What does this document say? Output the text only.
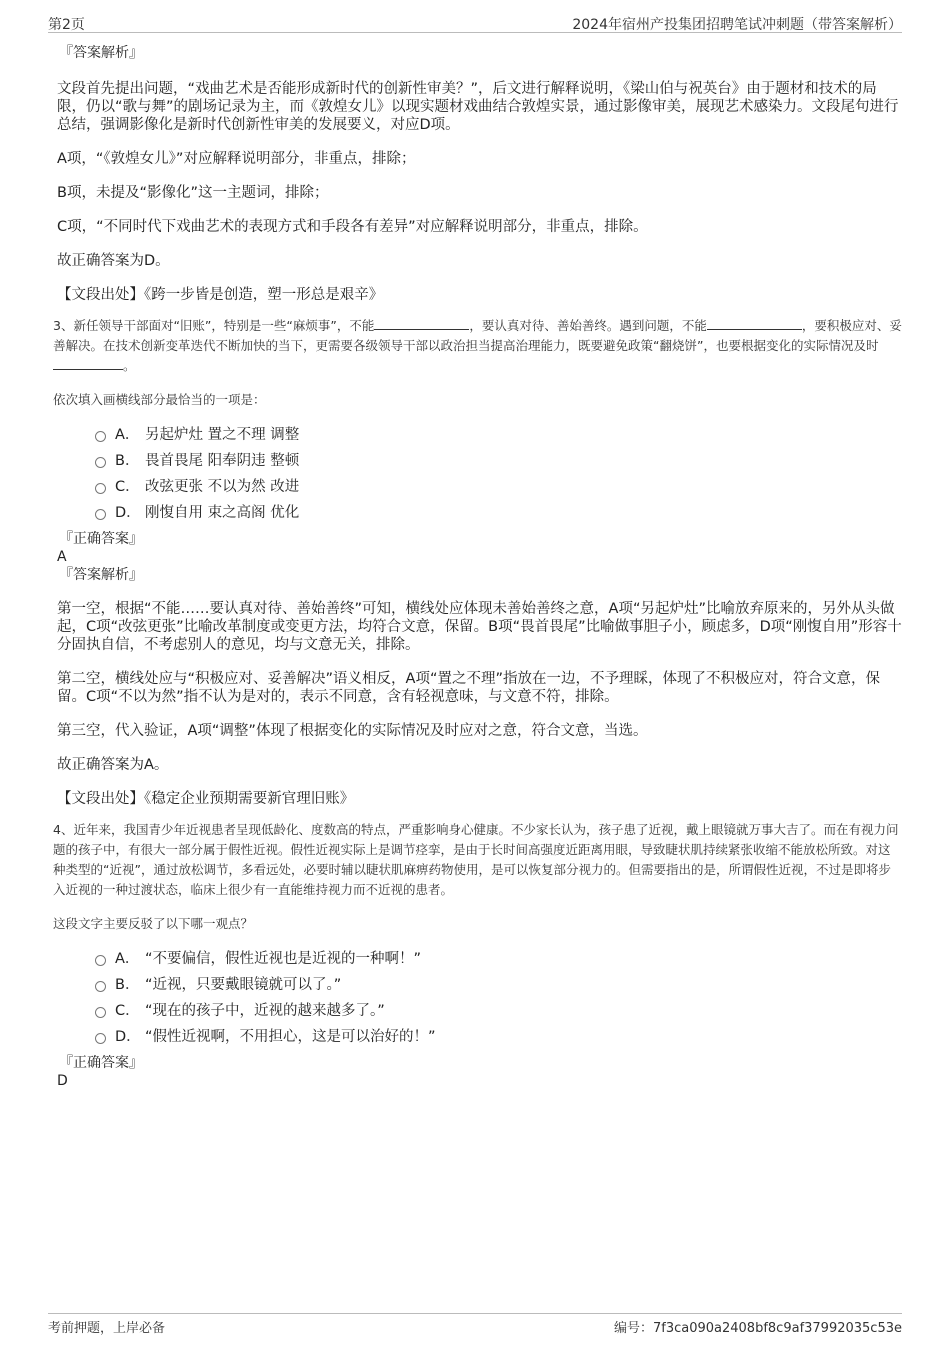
第2页	2024年宿州产投集团招聘笔试冲刺题（带答案解析）

『答案解析』

文段首先提出问题，“戏曲艺术是否能形成新时代的创新性审美？”，后文进行解释说明，《梁山伯与祝英台》由于题材和技术的局限，仍以“歌与舞”的剧场记录为主，而《敦煌女儿》以现实题材戏曲结合敦煌实景，通过影像审美，展现艺术感染力。文段尾句进行总结，强调影像化是新时代创新性审美的发展要义，对应D项。

A项，“《敦煌女儿》”对应解释说明部分，非重点，排除；

B项，未提及“影像化”这一主题词，排除；

C项，“不同时代下戏曲艺术的表现方式和手段各有差异”对应解释说明部分，非重点，排除。

故正确答案为D。

【文段出处】《跨一步皆是创造，塑一形总是艰辛》

3、新任领导干部面对“旧账”，特别是一些“麻烦事”，不能	，要认真对待、善始善终。遇到问题，不能	，要积极应对、妥善解决。在技术创新变革迭代不断加快的当下，更需要各级领导干部以政治担当提高治理能力，既要避免政策“翻烧饼”，也要根据变化的实际情况及时。

依次填入画横线部分最恰当的一项是：

A． 另起炉灶 置之不理 调整
B． 畏首畏尾 阳奉阴违 整顿
C． 改弦更张 不以为然 改进
D． 刚愎自用 束之高阁 优化

『正确答案』

A

『答案解析』

第一空，根据“不能……要认真对待、善始善终”可知，横线处应体现未善始善终之意，A项“另起炉灶”比喻放弃原来的，另外从头做起，C项“改弦更张”比喻改革制度或变更方法，均符合文意，保留。B项“畏首畏尾”比喻做事胆子小，顾虑多，D项“刚愎自用”形容十分固执自信，不考虑别人的意见，均与文意无关，排除。

第二空，横线处应与“积极应对、妥善解决”语义相反，A项“置之不理”指放在一边，不予理睬，体现了不积极应对，符合文意，保留。C项“不以为然”指不认为是对的，表示不同意，含有轻视意味，与文意不符，排除。

第三空，代入验证，A项“调整”体现了根据变化的实际情况及时应对之意，符合文意，当选。

故正确答案为A。

【文段出处】《稳定企业预期需要新官理旧账》

4、近年来，我国青少年近视患者呈现低龄化、度数高的特点，严重影响身心健康。不少家长认为，孩子患了近视，戴上眼镜就万事大吉了。而在有视力问题的孩子中，有很大一部分属于假性近视。假性近视实际上是调节痉挛，是由于长时间高强度近距离用眼，导致睫状肌持续紧张收缩不能放松所致。对这种类型的“近视”，通过放松调节，多看远处，必要时辅以睫状肌麻痹药物使用，是可以恢复部分视力的。但需要指出的是，所谓假性近视，不过是即将步入近视的一种过渡状态，临床上很少有一直能维持视力而不近视的患者。

这段文字主要反驳了以下哪一观点？

A． “不要偏信，假性近视也是近视的一种啊！”
B． “近视，只要戴眼镜就可以了。”
C． “现在的孩子中，近视的越来越多了。”
D． “假性近视啊，不用担心，这是可以治好的！”

『正确答案』

D

考前押题，上岸必备	编号：7f3ca090a2408bf8c9af37992035c53e
